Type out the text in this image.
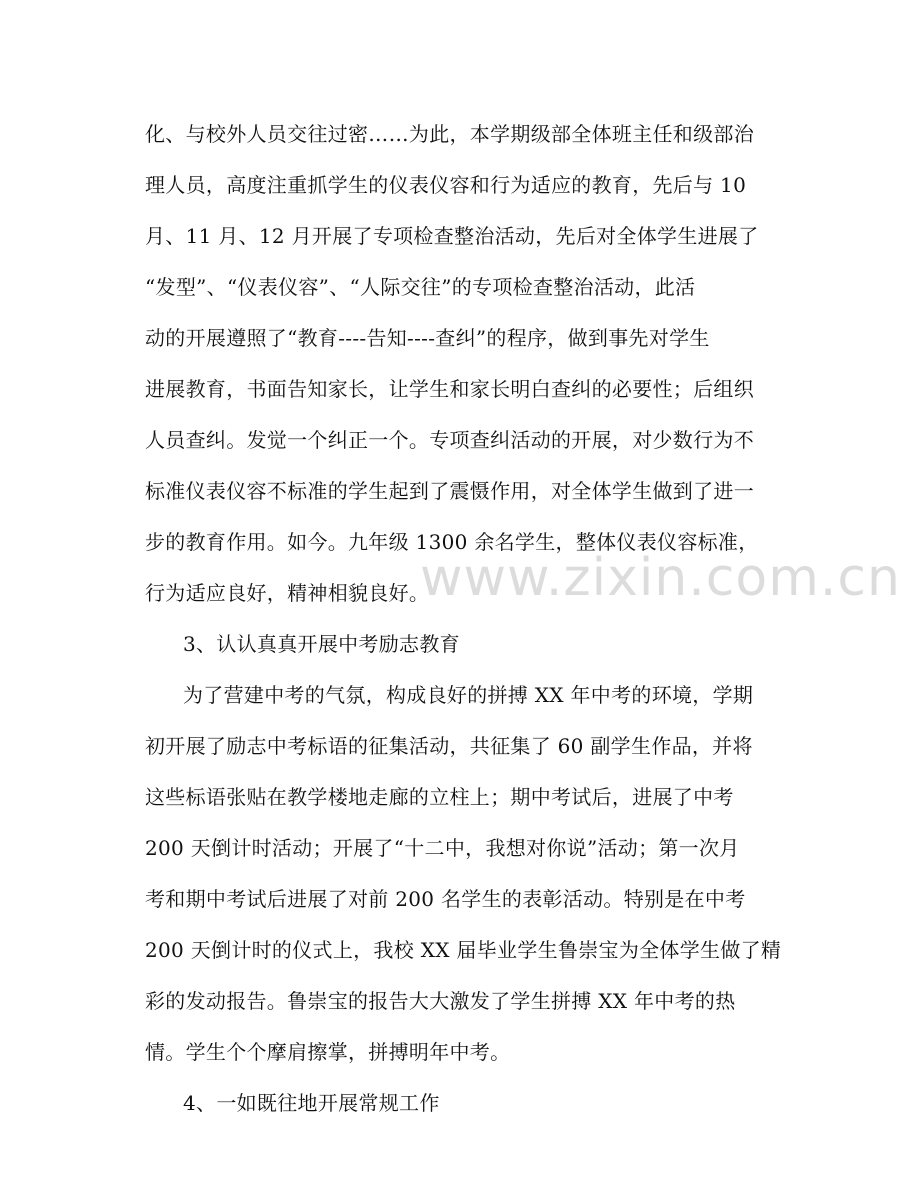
化、与校外人员交往过密……为此，本学期级部全体班主任和级部治
理人员，高度注重抓学生的仪表仪容和行为适应的教育，先后与 10
月、11 月、12 月开展了专项检查整治活动，先后对全体学生进展了
“发型”、“仪表仪容”、“人际交往”的专项检查整治活动，此活
动的开展遵照了“教育----告知----查纠”的程序，做到事先对学生
进展教育，书面告知家长，让学生和家长明白查纠的必要性；后组织
人员查纠。发觉一个纠正一个。专项查纠活动的开展，对少数行为不
标准仪表仪容不标准的学生起到了震慑作用，对全体学生做到了进一
步的教育作用。如今。九年级 1300 余名学生，整体仪表仪容标准，
行为适应良好，精神相貌良好。
3、认认真真开展中考励志教育
为了营建中考的气氛，构成良好的拼搏 XX 年中考的环境，学期
初开展了励志中考标语的征集活动，共征集了 60 副学生作品，并将
这些标语张贴在教学楼地走廊的立柱上；期中考试后，进展了中考
200 天倒计时活动；开展了“十二中，我想对你说”活动；第一次月
考和期中考试后进展了对前 200 名学生的表彰活动。特别是在中考
200 天倒计时的仪式上，我校 XX 届毕业学生鲁崇宝为全体学生做了精
彩的发动报告。鲁崇宝的报告大大激发了学生拼搏 XX 年中考的热
情。学生个个摩肩擦掌，拼搏明年中考。
4、一如既往地开展常规工作
www.zixin.com.cn
